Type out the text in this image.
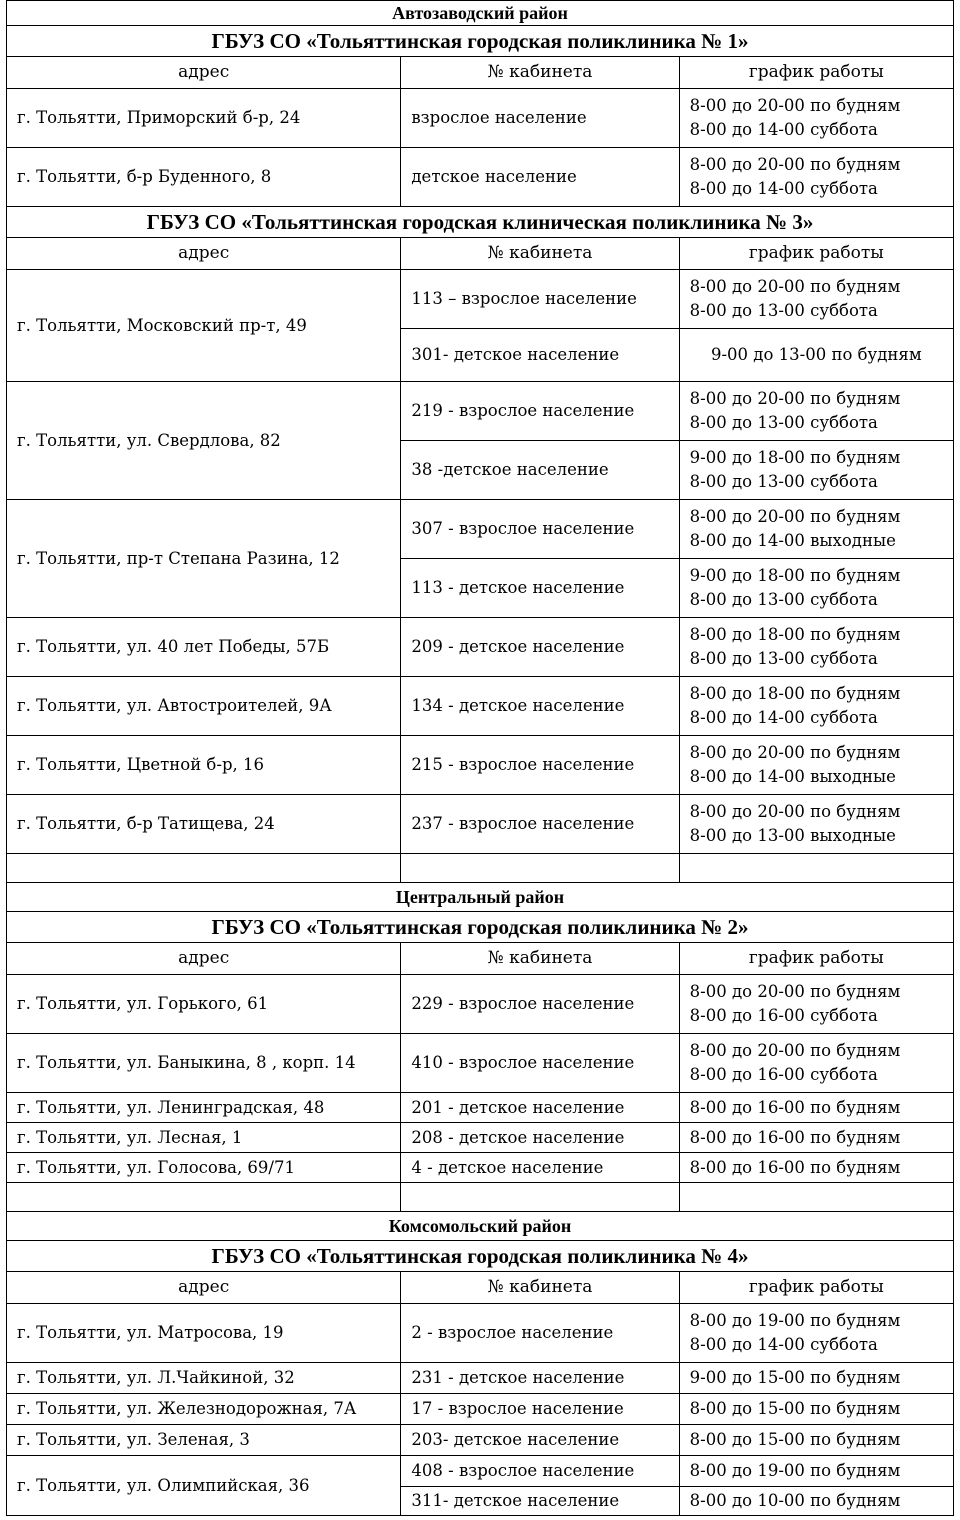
Автозаводский район		
ГБУЗ СО «Тольяттинская городская поликлиника № 1»		
адрес	№ кабинета	график работы
г. Тольятти, Приморский б-р, 24	взрослое население	8-00 до 20-00 по будням
8-00 до 14-00 суббота

г. Тольятти, б-р Буденного, 8	детское население	8-00 до 20-00 по будням
8-00 до 14-00 суббота

ГБУЗ СО «Тольяттинская городская клиническая поликлиника № 3»		
адрес	№ кабинета	график работы
г. Тольятти, Московский пр-т, 49	113 – взрослое население	8-00 до 20-00 по будням
8-00 до 13-00 суббота

	301- детское население	9-00 до 13-00 по будням

г. Тольятти, ул. Свердлова, 82	219 - взрослое население	8-00 до 20-00 по будням
8-00 до 13-00 суббота

	38 -детское население	9-00 до 18-00 по будням
8-00 до 13-00 суббота

г. Тольятти, пр-т Степана Разина, 12	307 - взрослое население	8-00 до 20-00 по будням
8-00 до 14-00 выходные

	113 - детское население	9-00 до 18-00 по будням
8-00 до 13-00 суббота

г. Тольятти, ул. 40 лет Победы, 57Б	209 - детское население	8-00 до 18-00 по будням
8-00 до 13-00 суббота

г. Тольятти, ул. Автостроителей, 9А	134 - детское население	8-00 до 18-00 по будням
8-00 до 14-00 суббота

г. Тольятти, Цветной б-р, 16	215 - взрослое население	8-00 до 20-00 по будням
8-00 до 14-00 выходные

г. Тольятти, б-р Татищева, 24	237 - взрослое население	8-00 до 20-00 по будням
8-00 до 13-00 выходные

Центральный район		
ГБУЗ СО «Тольяттинская городская поликлиника № 2»		
адрес	№ кабинета	график работы
г. Тольятти, ул. Горького, 61	229 - взрослое население	8-00 до 20-00 по будням
8-00 до 16-00 суббота

г. Тольятти, ул. Баныкина, 8 , корп. 14	410 - взрослое население	8-00 до 20-00 по будням
8-00 до 16-00 суббота

г. Тольятти, ул. Ленинградская, 48	201 - детское население	8-00 до 16-00 по будням

г. Тольятти, ул. Лесная, 1	208 - детское население	8-00 до 16-00 по будням

г. Тольятти, ул. Голосова, 69/71	4 - детское население	8-00 до 16-00 по будням

Комсомольский район		
ГБУЗ СО «Тольяттинская городская поликлиника № 4»		
адрес	№ кабинета	график работы
г. Тольятти, ул. Матросова, 19	2 - взрослое население	8-00 до 19-00 по будням
8-00 до 14-00 суббота

г. Тольятти, ул. Л.Чайкиной, 32	231 - детское население	9-00 до 15-00 по будням

г. Тольятти, ул. Железнодорожная, 7А	17 - взрослое население	8-00 до 15-00 по будням

г. Тольятти, ул. Зеленая, 3	203- детское население	8-00 до 15-00 по будням

г. Тольятти, ул. Олимпийская, 36	408 - взрослое население	8-00 до 19-00 по будням

	311- детское население	8-00 до 10-00 по будням
